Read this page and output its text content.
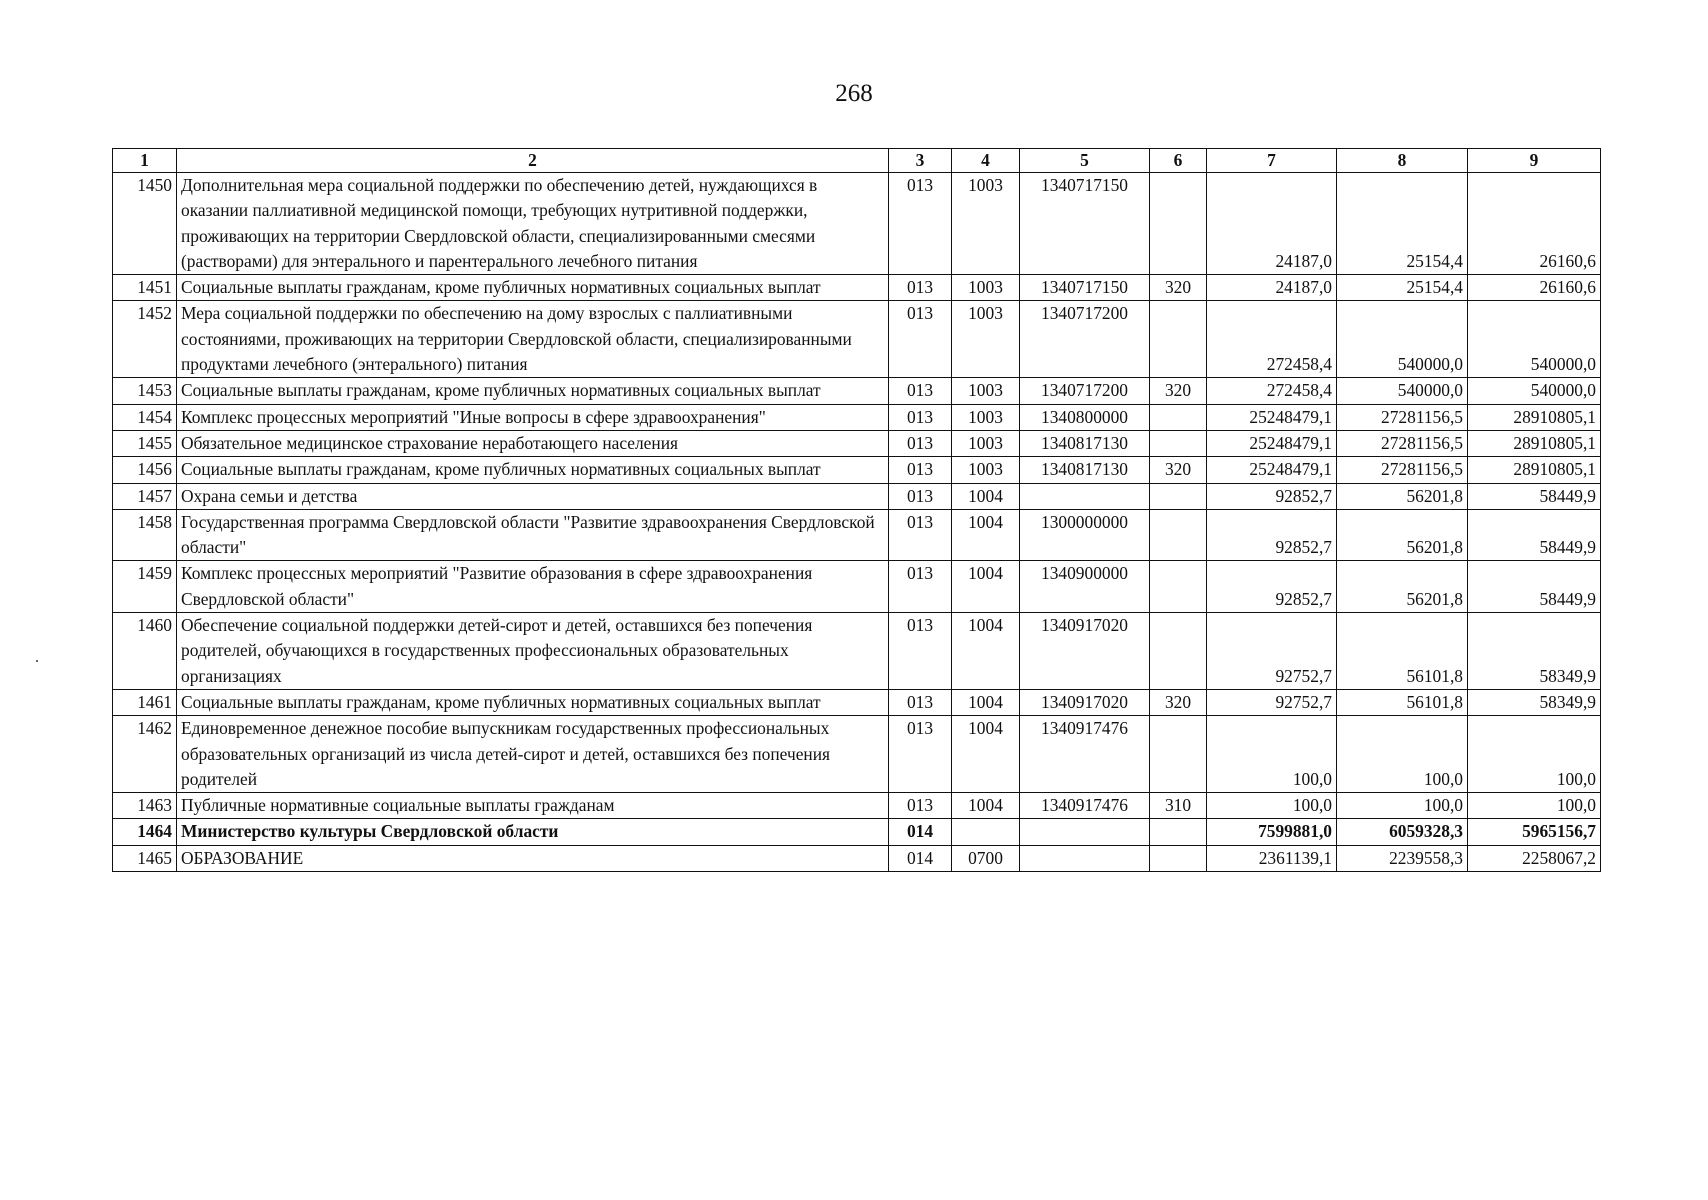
268
1	2	3	4	5	6	7	8	9
1450	Дополнительная мера социальной поддержки по обеспечению детей, нуждающихся в оказании паллиативной медицинской помощи, требующих нутритивной поддержки, проживающих на территории Свердловской области, специализированными смесями (растворами) для энтерального и парентерального лечебного питания	013	1003	1340717150		24187,0	25154,4	26160,6
1451	Социальные выплаты гражданам, кроме публичных нормативных социальных выплат	013	1003	1340717150	320	24187,0	25154,4	26160,6
1452	Мера социальной поддержки по обеспечению на дому взрослых с паллиативными состояниями, проживающих на территории Свердловской области, специализированными продуктами лечебного (энтерального) питания	013	1003	1340717200		272458,4	540000,0	540000,0
1453	Социальные выплаты гражданам, кроме публичных нормативных социальных выплат	013	1003	1340717200	320	272458,4	540000,0	540000,0
1454	Комплекс процессных мероприятий "Иные вопросы в сфере здравоохранения"	013	1003	1340800000		25248479,1	27281156,5	28910805,1
1455	Обязательное медицинское страхование неработающего населения	013	1003	1340817130		25248479,1	27281156,5	28910805,1
1456	Социальные выплаты гражданам, кроме публичных нормативных социальных выплат	013	1003	1340817130	320	25248479,1	27281156,5	28910805,1
1457	Охрана семьи и детства	013	1004			92852,7	56201,8	58449,9
1458	Государственная программа Свердловской области "Развитие здравоохранения Свердловской области"	013	1004	1300000000		92852,7	56201,8	58449,9
1459	Комплекс процессных мероприятий "Развитие образования в сфере здравоохранения Свердловской области"	013	1004	1340900000		92852,7	56201,8	58449,9
1460	Обеспечение социальной поддержки детей-сирот и детей, оставшихся без попечения родителей, обучающихся в государственных профессиональных образовательных организациях	013	1004	1340917020		92752,7	56101,8	58349,9
1461	Социальные выплаты гражданам, кроме публичных нормативных социальных выплат	013	1004	1340917020	320	92752,7	56101,8	58349,9
1462	Единовременное денежное пособие выпускникам государственных профессиональных образовательных организаций из числа детей-сирот и детей, оставшихся без попечения родителей	013	1004	1340917476		100,0	100,0	100,0
1463	Публичные нормативные социальные выплаты гражданам	013	1004	1340917476	310	100,0	100,0	100,0
1464	Министерство культуры Свердловской области	014				7599881,0	6059328,3	5965156,7
1465	ОБРАЗОВАНИЕ	014	0700			2361139,1	2239558,3	2258067,2
